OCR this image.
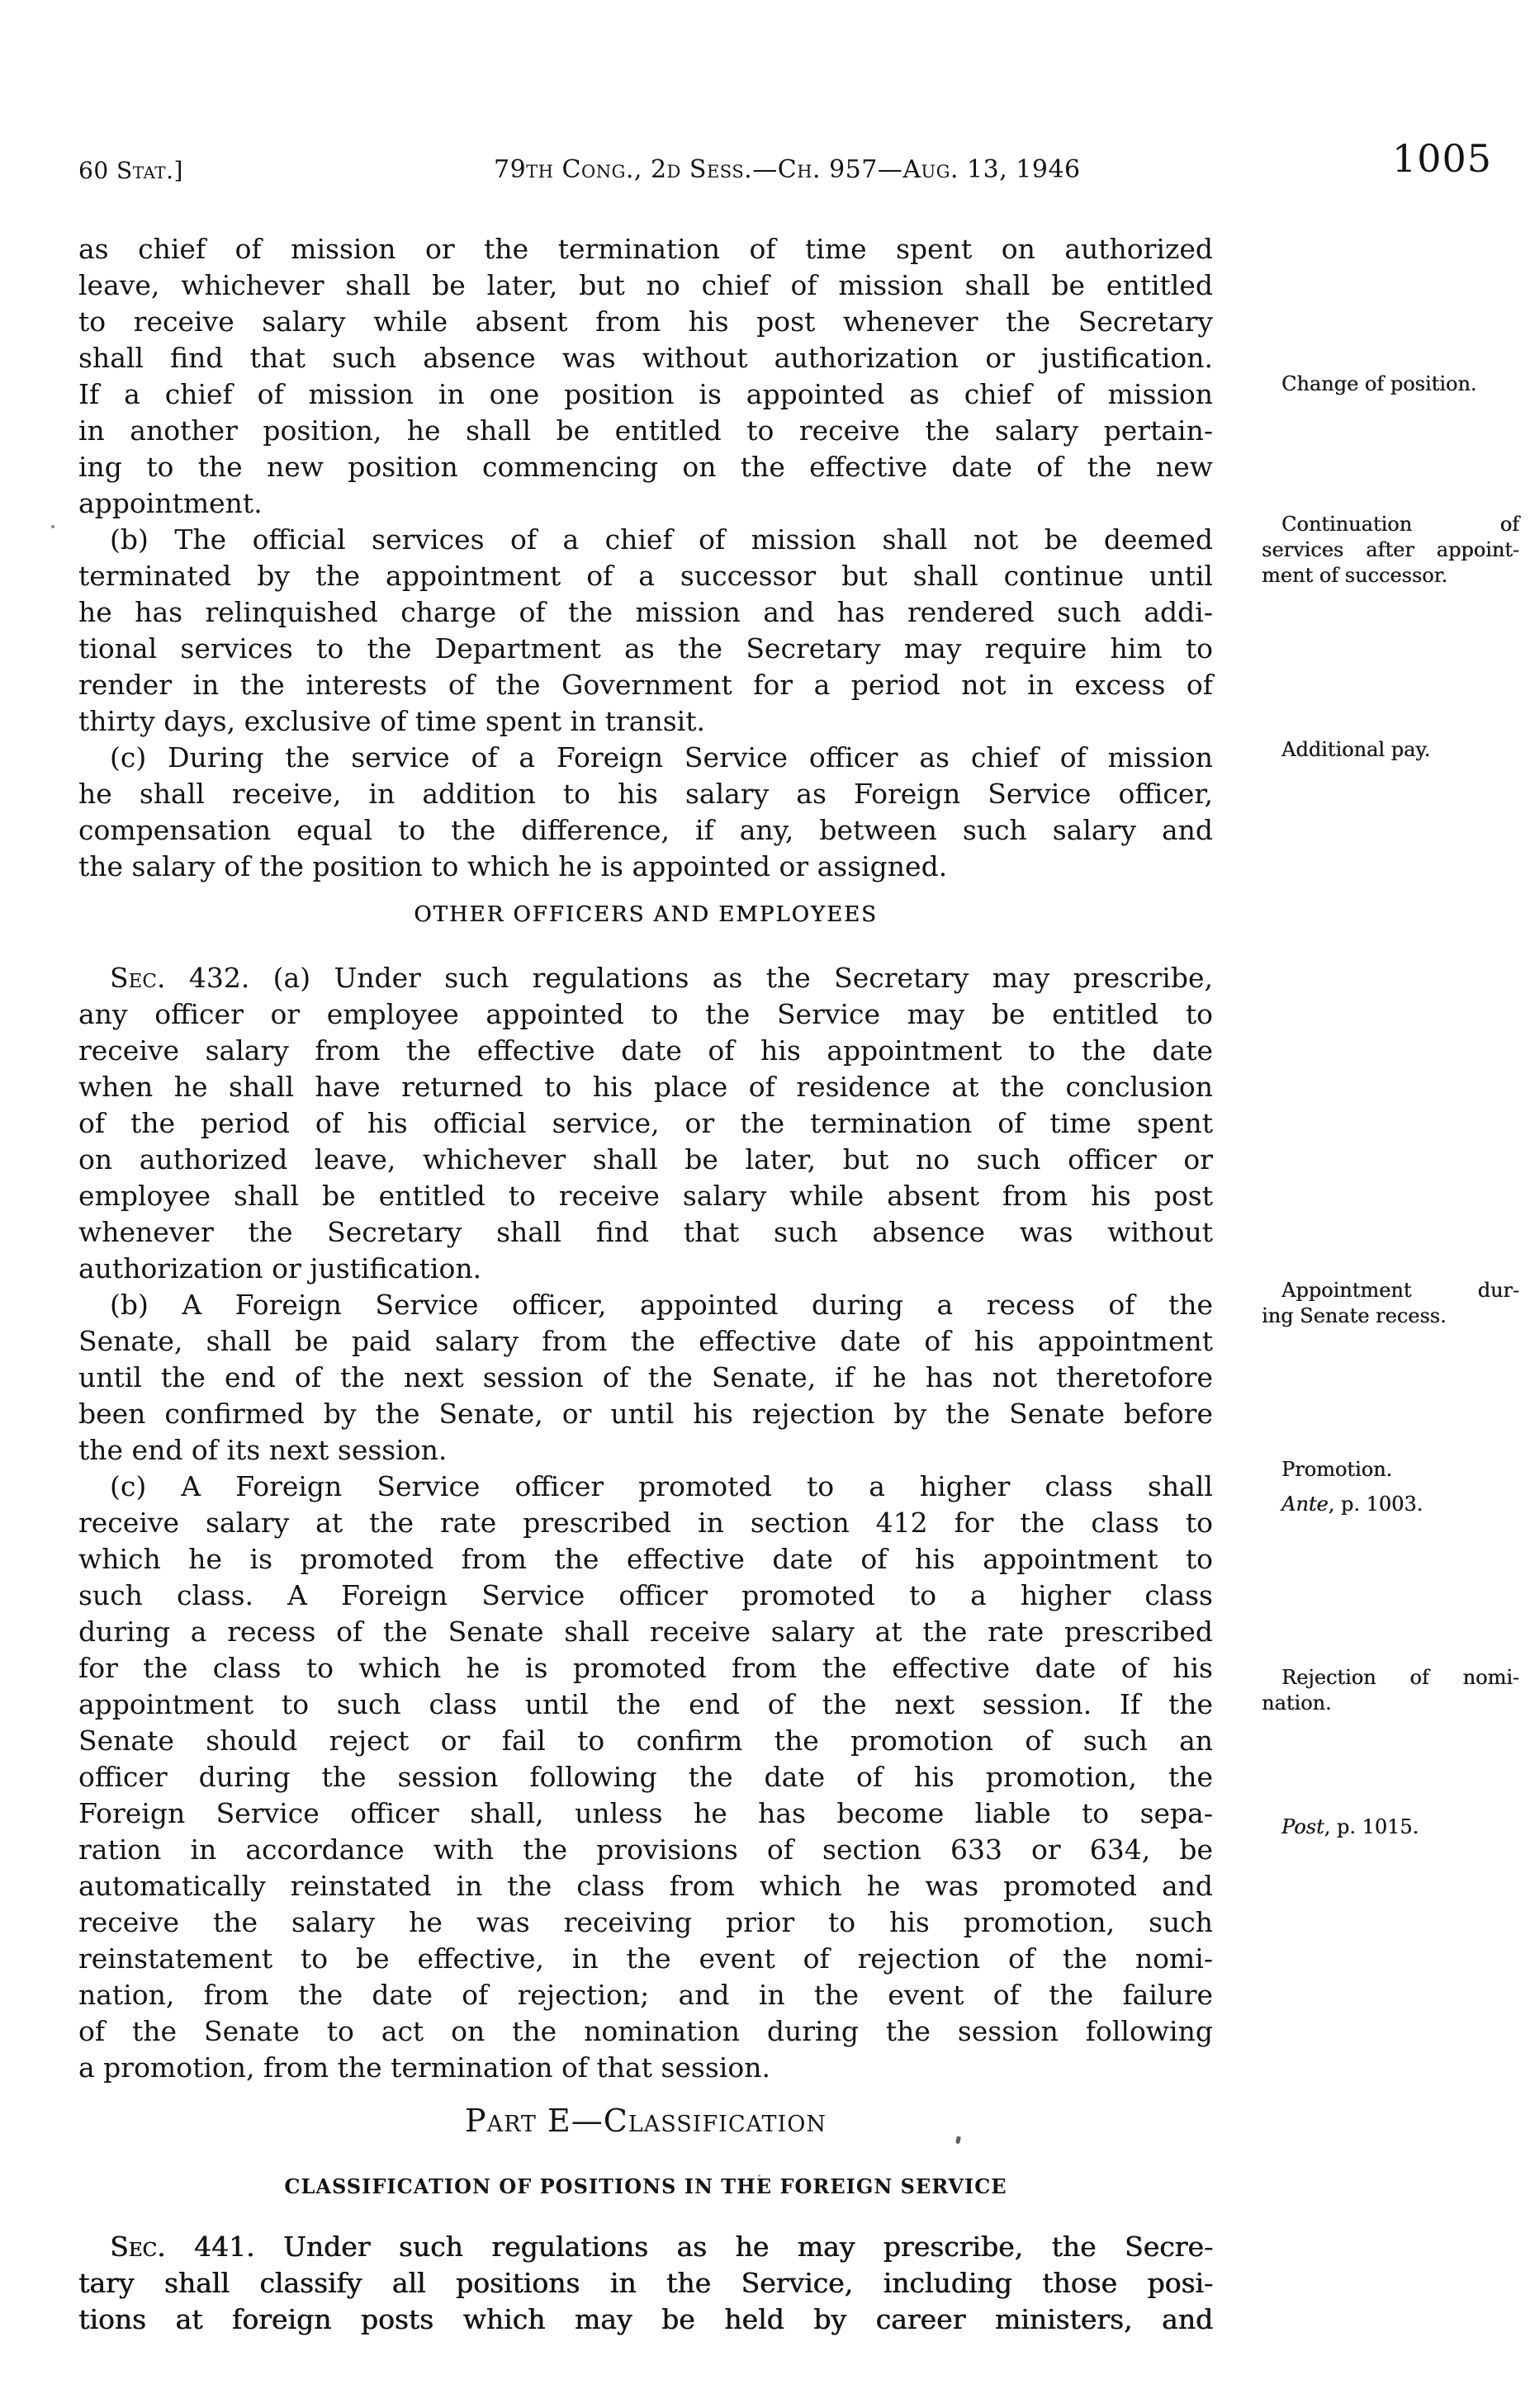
60 Stat.]	79th Cong., 2d Sess.—Ch. 957—Aug. 13, 1946	1005
as chief of mission or the termination of time spent on authorized
leave, whichever shall be later, but no chief of mission shall be entitled
to receive salary while absent from his post whenever the Secretary
shall find that such absence was without authorization or justification.
If a chief of mission in one position is appointed as chief of mission
in another position, he shall be entitled to receive the salary pertain-
ing to the new position commencing on the effective date of the new
appointment.
(b) The official services of a chief of mission shall not be deemed
terminated by the appointment of a successor but shall continue until
he has relinquished charge of the mission and has rendered such addi-
tional services to the Department as the Secretary may require him to
render in the interests of the Government for a period not in excess of
thirty days, exclusive of time spent in transit.
(c) During the service of a Foreign Service officer as chief of mission
he shall receive, in addition to his salary as Foreign Service officer,
compensation equal to the difference, if any, between such salary and
the salary of the position to which he is appointed or assigned.
OTHER OFFICERS AND EMPLOYEES
Sec. 432. (a) Under such regulations as the Secretary may prescribe,
any officer or employee appointed to the Service may be entitled to
receive salary from the effective date of his appointment to the date
when he shall have returned to his place of residence at the conclusion
of the period of his official service, or the termination of time spent
on authorized leave, whichever shall be later, but no such officer or
employee shall be entitled to receive salary while absent from his post
whenever the Secretary shall find that such absence was without
authorization or justification.
(b) A Foreign Service officer, appointed during a recess of the
Senate, shall be paid salary from the effective date of his appointment
until the end of the next session of the Senate, if he has not theretofore
been confirmed by the Senate, or until his rejection by the Senate before
the end of its next session.
(c) A Foreign Service officer promoted to a higher class shall
receive salary at the rate prescribed in section 412 for the class to
which he is promoted from the effective date of his appointment to
such class. A Foreign Service officer promoted to a higher class
during a recess of the Senate shall receive salary at the rate prescribed
for the class to which he is promoted from the effective date of his
appointment to such class until the end of the next session. If the
Senate should reject or fail to confirm the promotion of such an
officer during the session following the date of his promotion, the
Foreign Service officer shall, unless he has become liable to sepa-
ration in accordance with the provisions of section 633 or 634, be
automatically reinstated in the class from which he was promoted and
receive the salary he was receiving prior to his promotion, such
reinstatement to be effective, in the event of rejection of the nomi-
nation, from the date of rejection; and in the event of the failure
of the Senate to act on the nomination during the session following
a promotion, from the termination of that session.
Part E—Classification
CLASSIFICATION OF POSITIONS IN THE FOREIGN SERVICE
Sec. 441. Under such regulations as he may prescribe, the Secre-
tary shall classify all positions in the Service, including those posi-
tions at foreign posts which may be held by career ministers, and
Change of position.
Continuation of
services after appoint-
ment of successor.
Additional pay.
Appointment dur-
ing Senate recess.
Promotion.
Ante, p. 1003.
Rejection of nomi-
nation.
Post, p. 1015.
